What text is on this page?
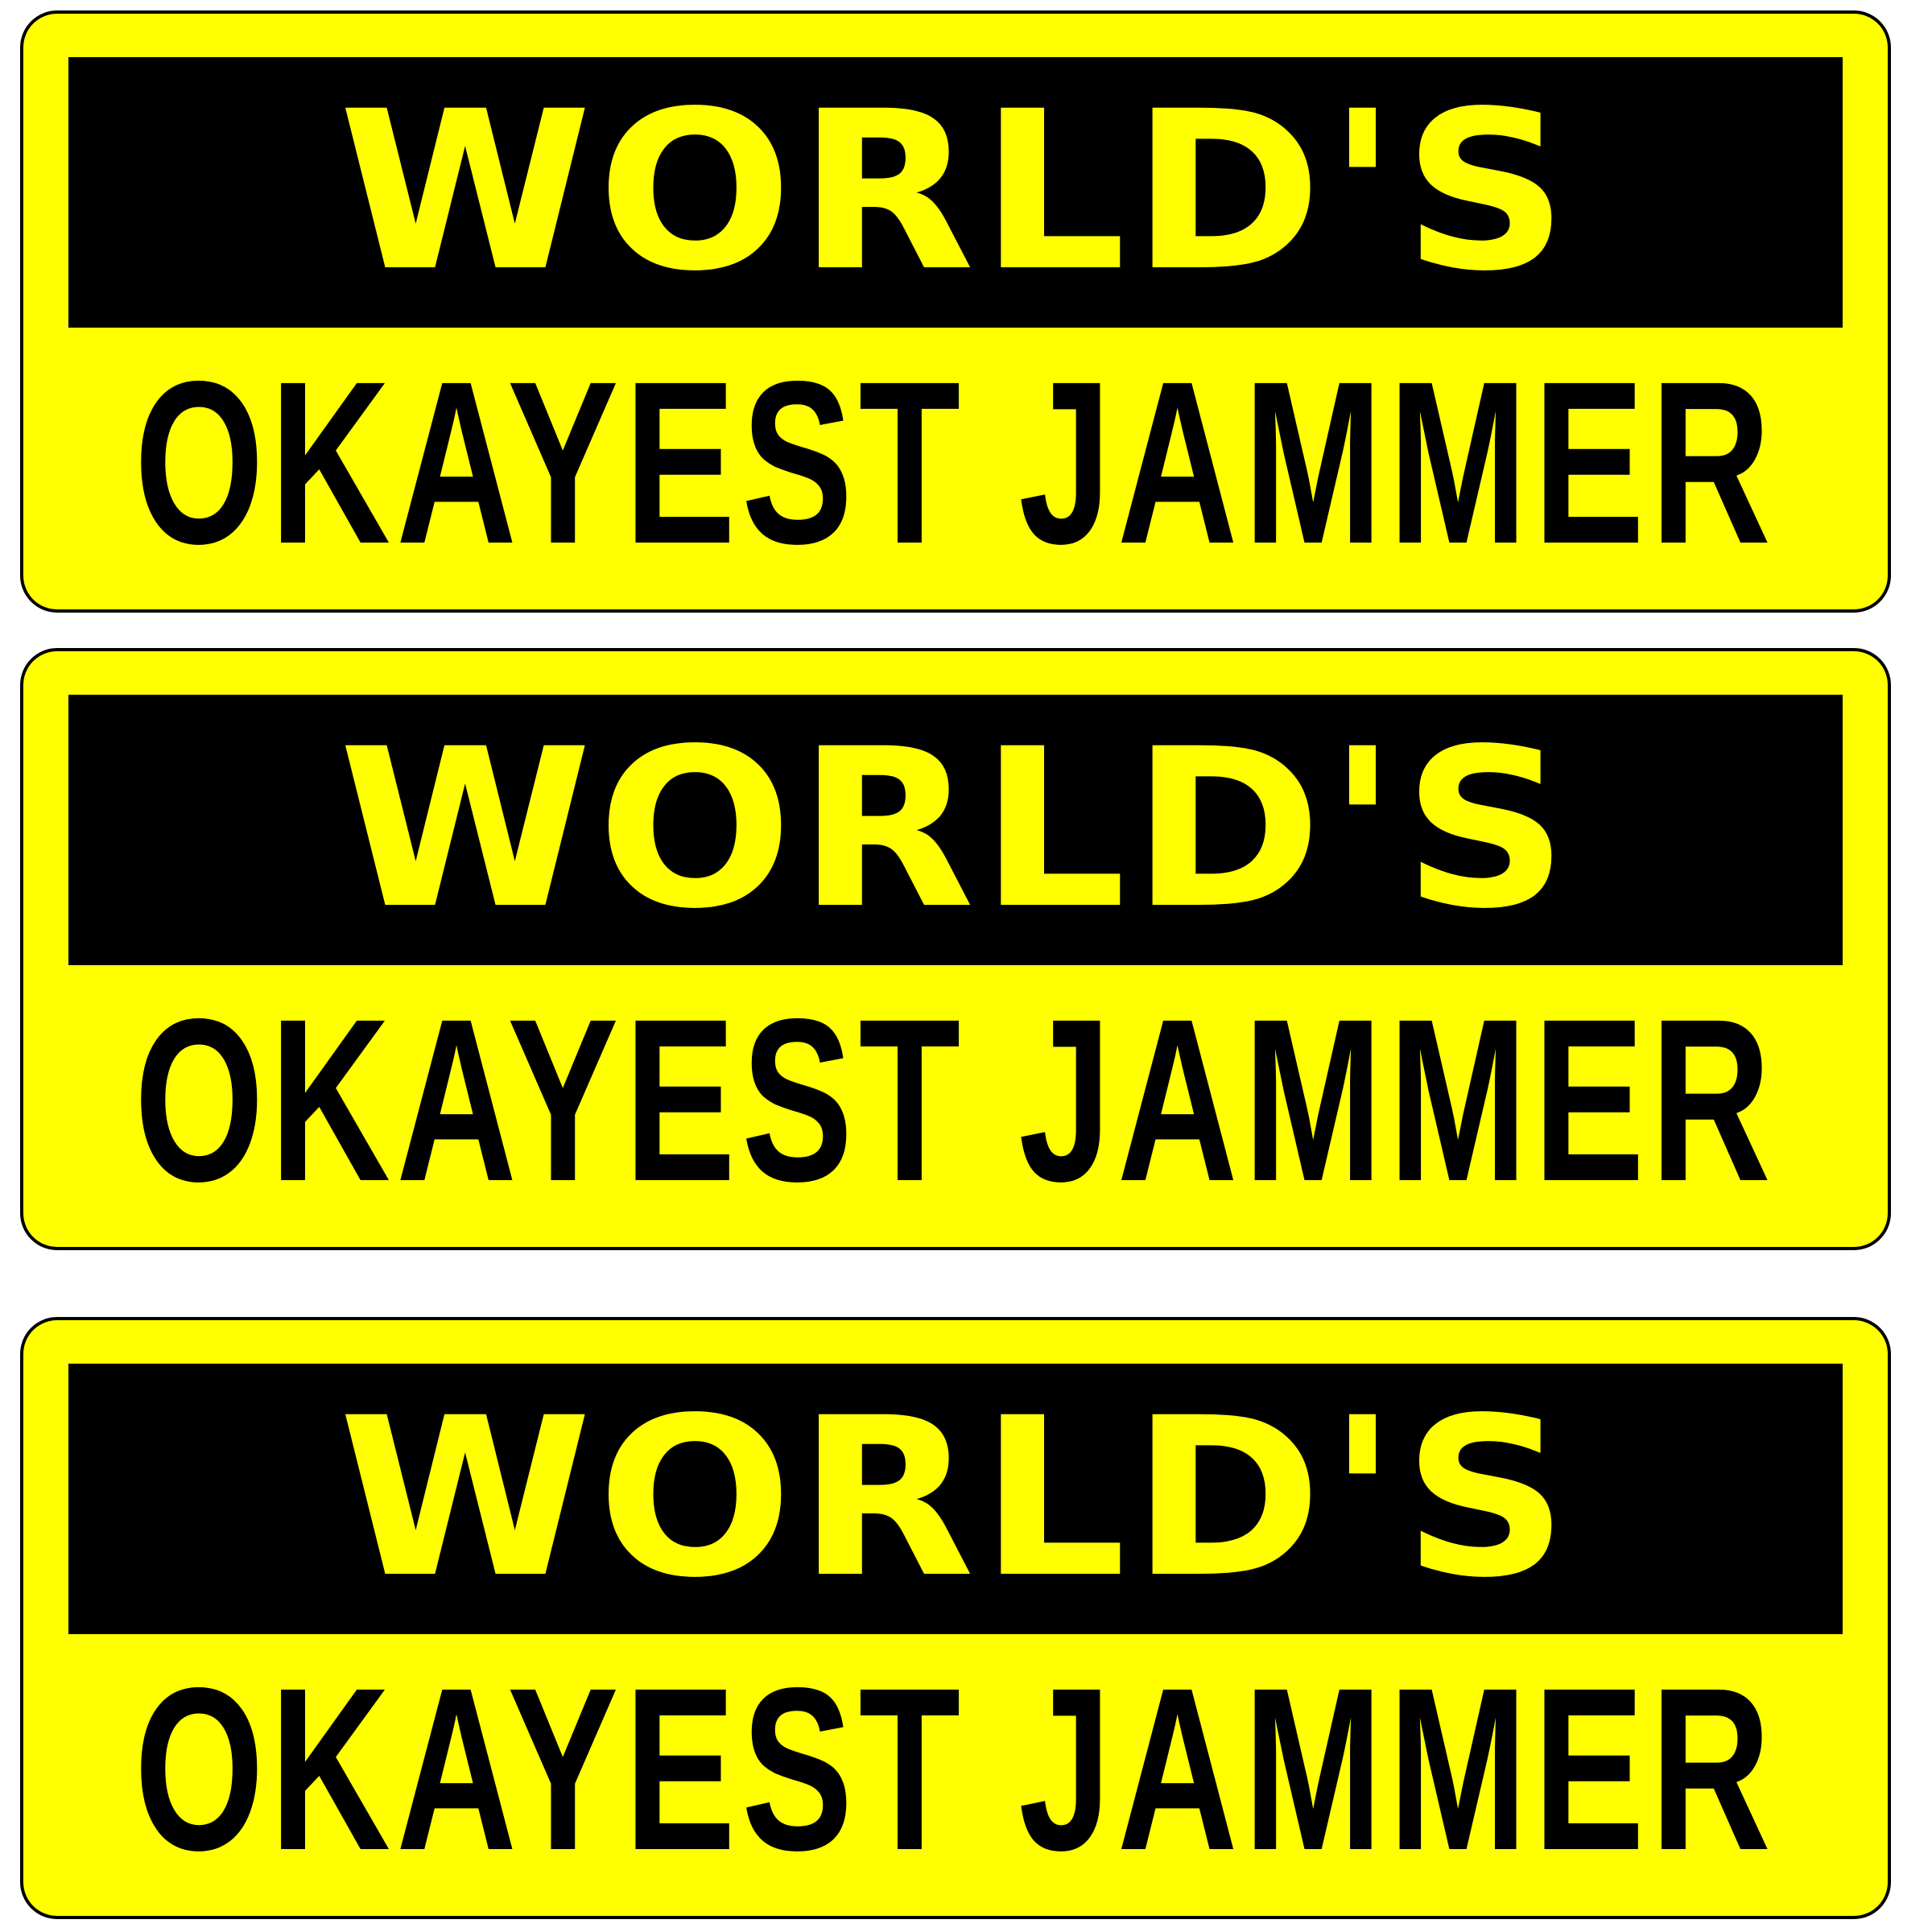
WORLD'S
OKAYEST JAMMER
WORLD'S
OKAYEST JAMMER
WORLD'S
OKAYEST JAMMER
